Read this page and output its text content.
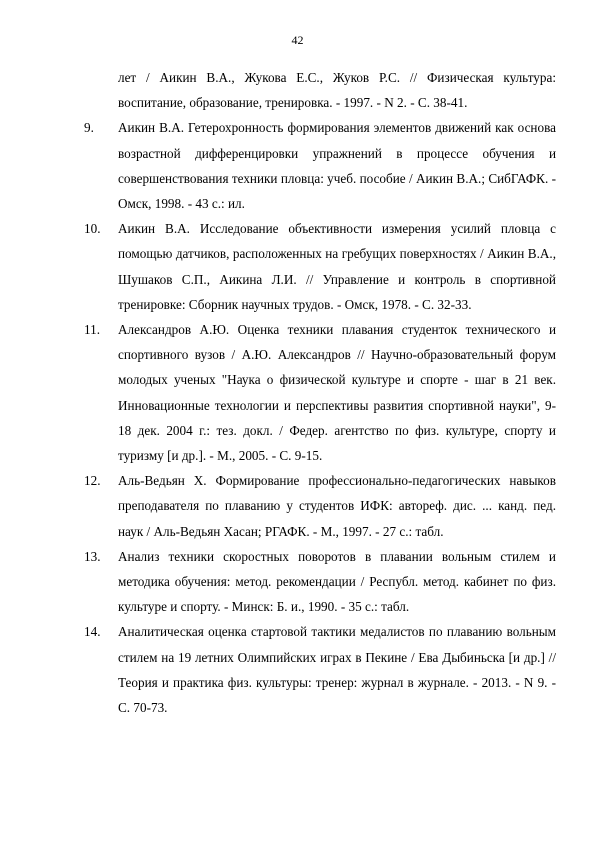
42
лет / Аикин В.А., Жукова Е.С., Жуков Р.С. // Физическая культура: воспитание, образование, тренировка. - 1997. - N 2. - С. 38-41.
9. Аикин В.А. Гетерохронность формирования элементов движений как основа возрастной дифференцировки упражнений в процессе обучения и совершенствования техники пловца: учеб. пособие / Аикин В.А.; СибГАФК. - Омск, 1998. - 43 с.: ил.
10. Аикин В.А. Исследование объективности измерения усилий пловца с помощью датчиков, расположенных на гребущих поверхностях / Аикин В.А., Шушаков С.П., Аикина Л.И. // Управление и контроль в спортивной тренировке: Сборник научных трудов. - Омск, 1978. - С. 32-33.
11. Александров А.Ю. Оценка техники плавания студенток технического и спортивного вузов / А.Ю. Александров // Научно-образовательный форум молодых ученых "Наука о физической культуре и спорте - шаг в 21 век. Инновационные технологии и перспективы развития спортивной науки", 9-18 дек. 2004 г.: тез. докл. / Федер. агентство по физ. культуре, спорту и туризму [и др.]. - М., 2005. - С. 9-15.
12. Аль-Ведьян Х. Формирование профессионально-педагогических навыков преподавателя по плаванию у студентов ИФК: автореф. дис. ... канд. пед. наук / Аль-Ведьян Хасан; РГАФК. - М., 1997. - 27 с.: табл.
13. Анализ техники скоростных поворотов в плавании вольным стилем и методика обучения: метод. рекомендации / Республ. метод. кабинет по физ. культуре и спорту. - Минск: Б. и., 1990. - 35 с.: табл.
14. Аналитическая оценка стартовой тактики медалистов по плаванию вольным стилем на 19 летних Олимпийских играх в Пекине / Ева Дыбиньска [и др.] // Теория и практика физ. культуры: тренер: журнал в журнале. - 2013. - N 9. - С. 70-73.
